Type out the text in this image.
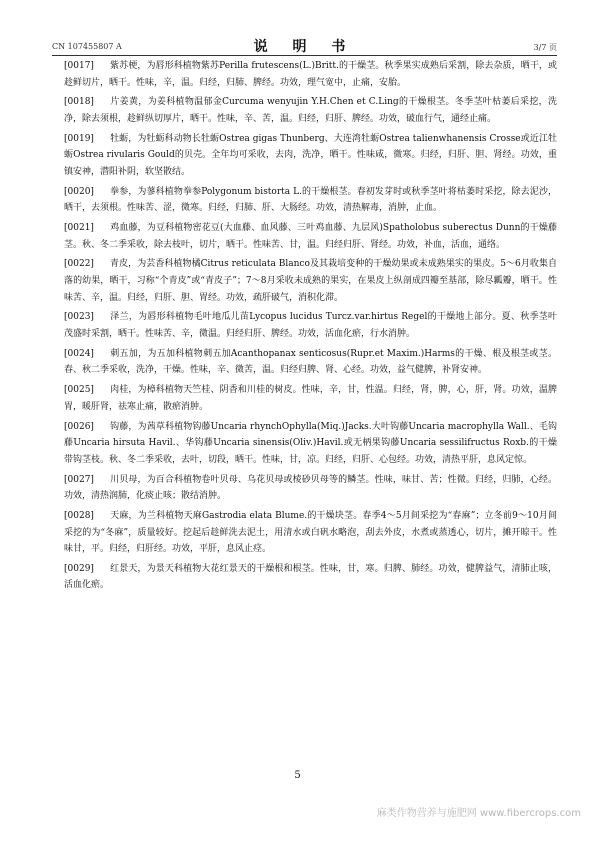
CN 107455807 A	说 明 书	3/7 页
[0017] 紫苏梗，为唇形科植物紫苏Perilla frutescens(L.)Britt.的干燥茎。秋季果实成熟后采割，除去杂质，晒干，或趁鲜切片，晒干。性味，辛，温。归经，归肺、脾经。功效，理气宽中，止痛，安胎。
[0018] 片姜黄，为姜科植物温郁金Curcuma wenyujin Y.H.Chen et C.Ling的干燥根茎。冬季茎叶枯萎后采挖，洗净，除去须根，趁鲜纵切厚片，晒干。性味，辛、苦，温。归经，归肝、脾经。功效，破血行气，通经止痛。
[0019] 牡蛎，为牡蛎科动物长牡蛎Ostrea gigas Thunberg、大连湾牡蛎Ostrea talienwhanensis Crosse或近江牡蛎Ostrea rivularis Gould的贝壳。全年均可采收，去肉，洗净，晒干。性味咸，微寒。归经，归肝、胆、肾经。功效，重镇安神，潜阳补阴，软坚散结。
[0020] 拳参，为蓼科植物拳参Polygonum bistorta L.的干燥根茎。春初发芽时或秋季茎叶将枯萎时采挖，除去泥沙，晒干，去须根。性味苦、涩，微寒。归经，归肺、肝、大肠经。功效，清热解毒，消肿，止血。
[0021] 鸡血藤，为豆科植物密花豆(大血藤、血风藤、三叶鸡血藤、九层风)Spatholobus suberectus Dunn的干燥藤茎。秋、冬二季采收，除去枝叶，切片，晒干。性味苦、甘，温。归经归肝、肾经。功效，补血，活血，通络。
[0022] 青皮，为芸香科植物橘Citrus reticulata Blanco及其栽培变种的干燥幼果或未成熟果实的果皮。5～6月收集自落的幼果，晒干，习称“个青皮”或“青皮子”；7～8月采收未成熟的果实，在果皮上纵剖成四瓣至基部，除尽瓤瓣，晒干。性味苦、辛，温。归经，归肝、胆、胃经。功效，疏肝破气，消积化滞。
[0023] 泽兰，为唇形科植物毛叶地瓜儿苗Lycopus lucidus Turcz.var.hirtus Regel的干燥地上部分。夏、秋季茎叶茂盛时采割，晒干。性味苦、辛，微温。归经归肝、脾经。功效，活血化瘀，行水消肿。
[0024] 刺五加，为五加科植物刺五加Acanthopanax senticosus(Rupr.et Maxim.)Harms的干燥、根及根茎或茎。春、秋二季采收，洗净，干燥。性味，辛、微苦，温。归经归脾、肾、心经。功效，益气健脾，补肾安神。
[0025] 肉桂，为樟科植物天竺桂、阴香和川桂的树皮。性味，辛，甘，性温。归经，肾，脾，心，肝，肾。功效，温脾胃，暖肝肾，祛寒止痛，散瘀消肿。
[0026] 钩藤，为茜草科植物钩藤Uncaria rhynchOphylla(Miq.)Jacks.大叶钩藤Uncaria macrophylla Wall.、毛钩藤Uncaria hirsuta Havil.、华钩藤Uncaria sinensis(Oliv.)Havil.或无柄果钩藤Uncaria sessilifructus Roxb.的干燥带钩茎枝。秋、冬二季采收，去叶，切段，晒干。性味，甘，凉。归经，归肝、心包经。功效，清热平肝，息风定惊。
[0027] 川贝母，为百合科植物卷叶贝母、乌花贝母或棱砂贝母等的鳞茎。性味，味甘、苦；性微。归经，归肺，心经。功效，清热润肺，化痰止咳；散结消肿。
[0028] 天麻，为兰科植物天麻Gastrodia elata Blume.的干燥块茎。春季4～5月间采挖为“春麻”；立冬前9～10月间采挖的为“冬麻”，质量较好。挖起后趁鲜洗去泥土，用清水或白矾水略泡，刮去外皮，水煮或蒸透心，切片，摊开晾干。性味甘，平。归经，归肝经。功效，平肝，息风止痉。
[0029] 红景天，为景天科植物大花红景天的干燥根和根茎。性味，甘，寒。归脾、肺经。功效，健脾益气，清肺止咳，活血化瘀。
5
麻类作物营养与施肥网 www.fibercrops.com
